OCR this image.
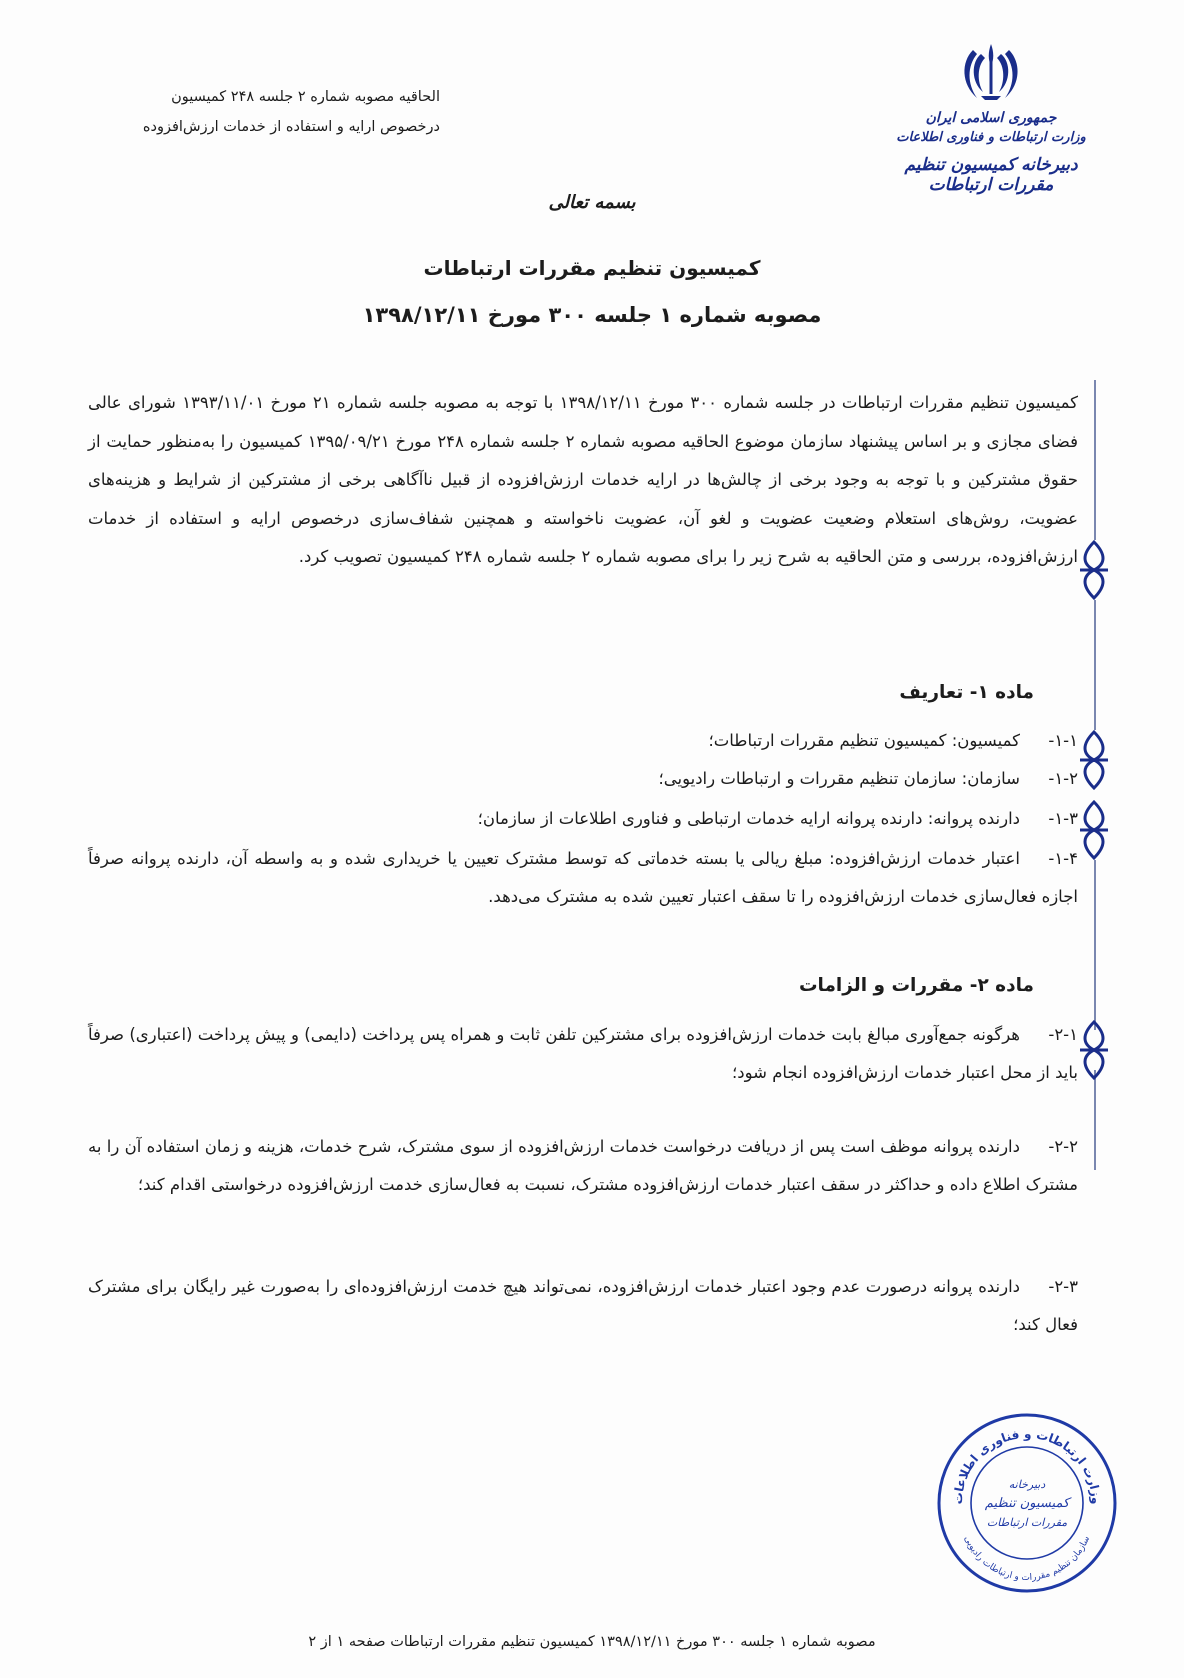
الحاقیه مصوبه شماره ۲ جلسه ۲۴۸ کمیسیون
درخصوص ارایه و استفاده از خدمات ارزش‌افزوده
جمهوری اسلامی ایران
وزارت ارتباطات و فناوری اطلاعات
دبیرخانه کمیسیون تنظیم مقررات ارتباطات
بسمه تعالی
کمیسیون تنظیم مقررات ارتباطات
مصوبه شماره ۱ جلسه ۳۰۰ مورخ ۱۳۹۸/۱۲/۱۱
کمیسیون تنظیم مقررات ارتباطات در جلسه شماره ۳۰۰ مورخ ۱۳۹۸/۱۲/۱۱ با توجه به مصوبه جلسه شماره ۲۱ مورخ ۱۳۹۳/۱۱/۰۱ شورای عالی فضای مجازی و بر اساس پیشنهاد سازمان موضوع الحاقیه مصوبه شماره ۲ جلسه شماره ۲۴۸ مورخ ۱۳۹۵/۰۹/۲۱ کمیسیون را به‌منظور حمایت از حقوق مشترکین و با توجه به وجود برخی از چالش‌ها در ارایه خدمات ارزش‌افزوده از قبیل ناآگاهی برخی از مشترکین از شرایط و هزینه‌های عضویت، روش‌های استعلام وضعیت عضویت و لغو آن، عضویت ناخواسته و همچنین شفاف‌سازی درخصوص ارایه و استفاده از خدمات ارزش‌افزوده، بررسی و متن الحاقیه به شرح زیر را برای مصوبه شماره ۲ جلسه شماره ۲۴۸ کمیسیون تصویب کرد.
ماده ۱- تعاریف
۱-۱-کمیسیون: کمیسیون تنظیم مقررات ارتباطات؛
۱-۲-سازمان: سازمان تنظیم مقررات و ارتباطات رادیویی؛
۱-۳-دارنده پروانه: دارنده پروانه ارایه خدمات ارتباطی و فناوری اطلاعات از سازمان؛
۱-۴-اعتبار خدمات ارزش‌افزوده: مبلغ ریالی یا بسته خدماتی که توسط مشترک تعیین یا خریداری شده و به واسطه آن، دارنده پروانه صرفاً اجازه فعال‌سازی خدمات ارزش‌افزوده را تا سقف اعتبار تعیین شده به مشترک می‌دهد.
ماده ۲- مقررات و الزامات
۲-۱-هرگونه جمع‌آوری مبالغ بابت خدمات ارزش‌افزوده برای مشترکین تلفن ثابت و همراه پس پرداخت (دایمی) و پیش پرداخت (اعتباری) صرفاً باید از محل اعتبار خدمات ارزش‌افزوده انجام شود؛
۲-۲-دارنده پروانه موظف است پس از دریافت درخواست خدمات ارزش‌افزوده از سوی مشترک، شرح خدمات، هزینه و زمان استفاده آن را به مشترک اطلاع داده و حداکثر در سقف اعتبار خدمات ارزش‌افزوده مشترک، نسبت به فعال‌سازی خدمت ارزش‌افزوده درخواستی اقدام کند؛
۲-۳-دارنده پروانه درصورت عدم وجود اعتبار خدمات ارزش‌افزوده، نمی‌تواند هیچ خدمت ارزش‌افزوده‌ای را به‌صورت غیر رایگان برای مشترک فعال کند؛
وزارت ارتباطات و فناوری اطلاعات
سازمان تنظیم مقررات و ارتباطات رادیویی
دبیرخانه
کمیسیون تنظیم
مقررات ارتباطات
مصوبه شماره ۱ جلسه ۳۰۰ مورخ ۱۳۹۸/۱۲/۱۱ کمیسیون تنظیم مقررات ارتباطات صفحه ۱ از ۲
